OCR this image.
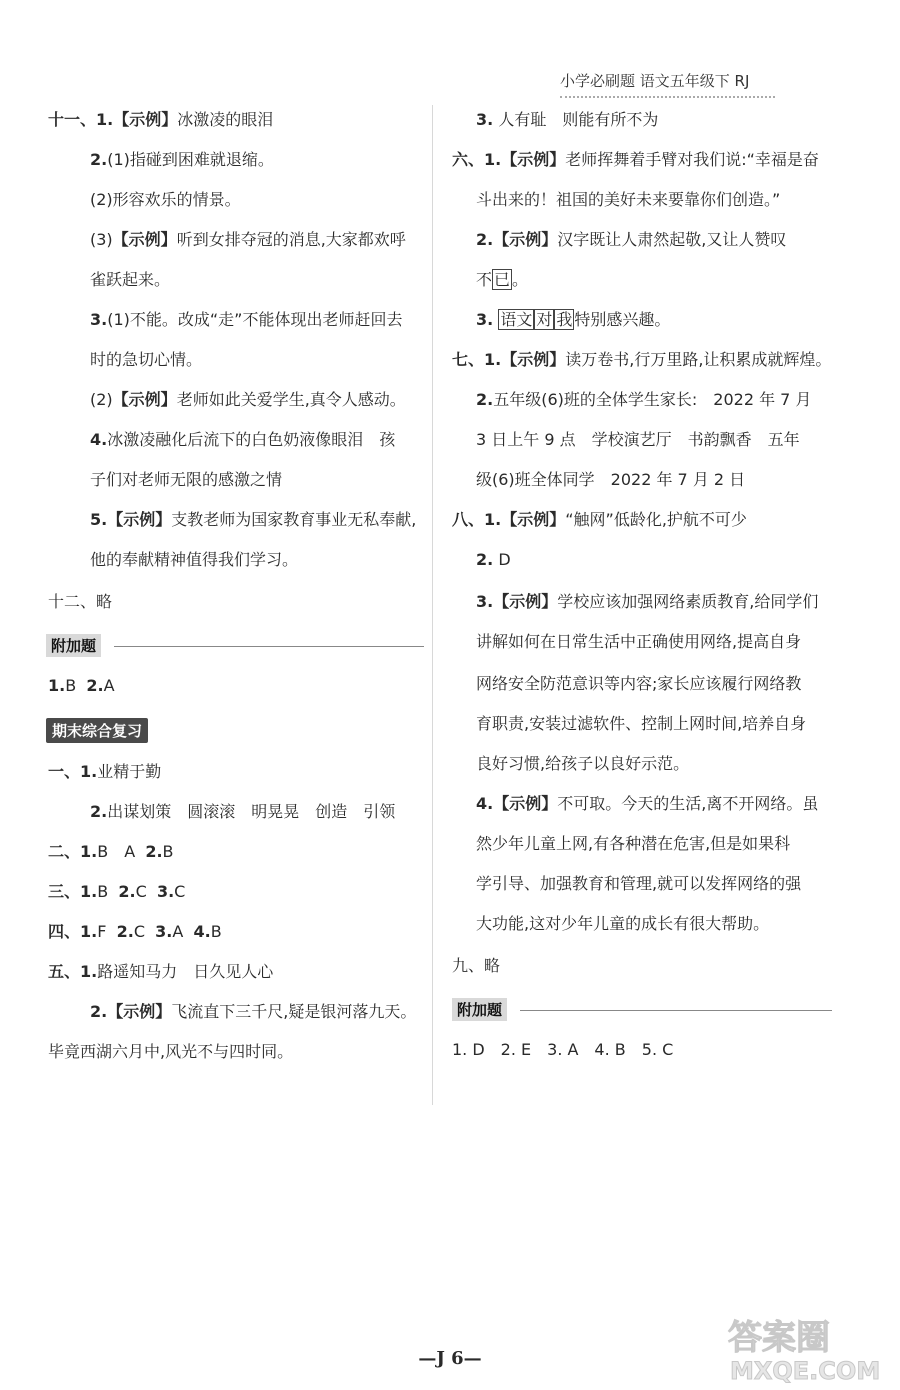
小学必刷题 语文五年级下 RJ
十一、1.【示例】冰激凌的眼泪
2.(1)指碰到困难就退缩。
(2)形容欢乐的情景。
(3)【示例】听到女排夺冠的消息,大家都欢呼
雀跃起来。
3.(1)不能。改成“走”不能体现出老师赶回去
时的急切心情。
(2)【示例】老师如此关爱学生,真令人感动。
4.冰激凌融化后流下的白色奶液像眼泪　孩
子们对老师无限的感激之情
5.【示例】支教老师为国家教育事业无私奉献,
他的奉献精神值得我们学习。
十二、略
附加题
1.B 2.A
期末综合复习
一、1.业精于勤
2.出谋划策　圆滚滚　明晃晃　创造　引领
二、1.B　A 2.B
三、1.B 2.C 3.C
四、1.F 2.C 3.A 4.B
五、1.路遥知马力　日久见人心
2.【示例】飞流直下三千尺,疑是银河落九天。
毕竟西湖六月中,风光不与四时同。
3. 人有耻　则能有所不为
六、1.【示例】老师挥舞着手臂对我们说:“幸福是奋
斗出来的！祖国的美好未来要靠你们创造。”
2.【示例】汉字既让人肃然起敬,又让人赞叹
不 已 。
3. 语文 对 我 特别感兴趣。
七、1.【示例】读万卷书,行万里路,让积累成就辉煌。
2.五年级(6)班的全体学生家长:　2022 年 7 月
3 日上午 9 点　学校演艺厅　书韵飘香　五年
级(6)班全体同学　2022 年 7 月 2 日
八、1.【示例】“触网”低龄化,护航不可少
2. D
3.【示例】学校应该加强网络素质教育,给同学们
讲解如何在日常生活中正确使用网络,提高自身
网络安全防范意识等内容;家长应该履行网络教
育职责,安装过滤软件、控制上网时间,培养自身
良好习惯,给孩子以良好示范。
4.【示例】不可取。今天的生活,离不开网络。虽
然少年儿童上网,有各种潜在危害,但是如果科
学引导、加强教育和管理,就可以发挥网络的强
大功能,这对少年儿童的成长有很大帮助。
九、略
附加题
1. D　2. E　3. A　4. B　5. C
—J 6—
答案圈
MXQE.COM
